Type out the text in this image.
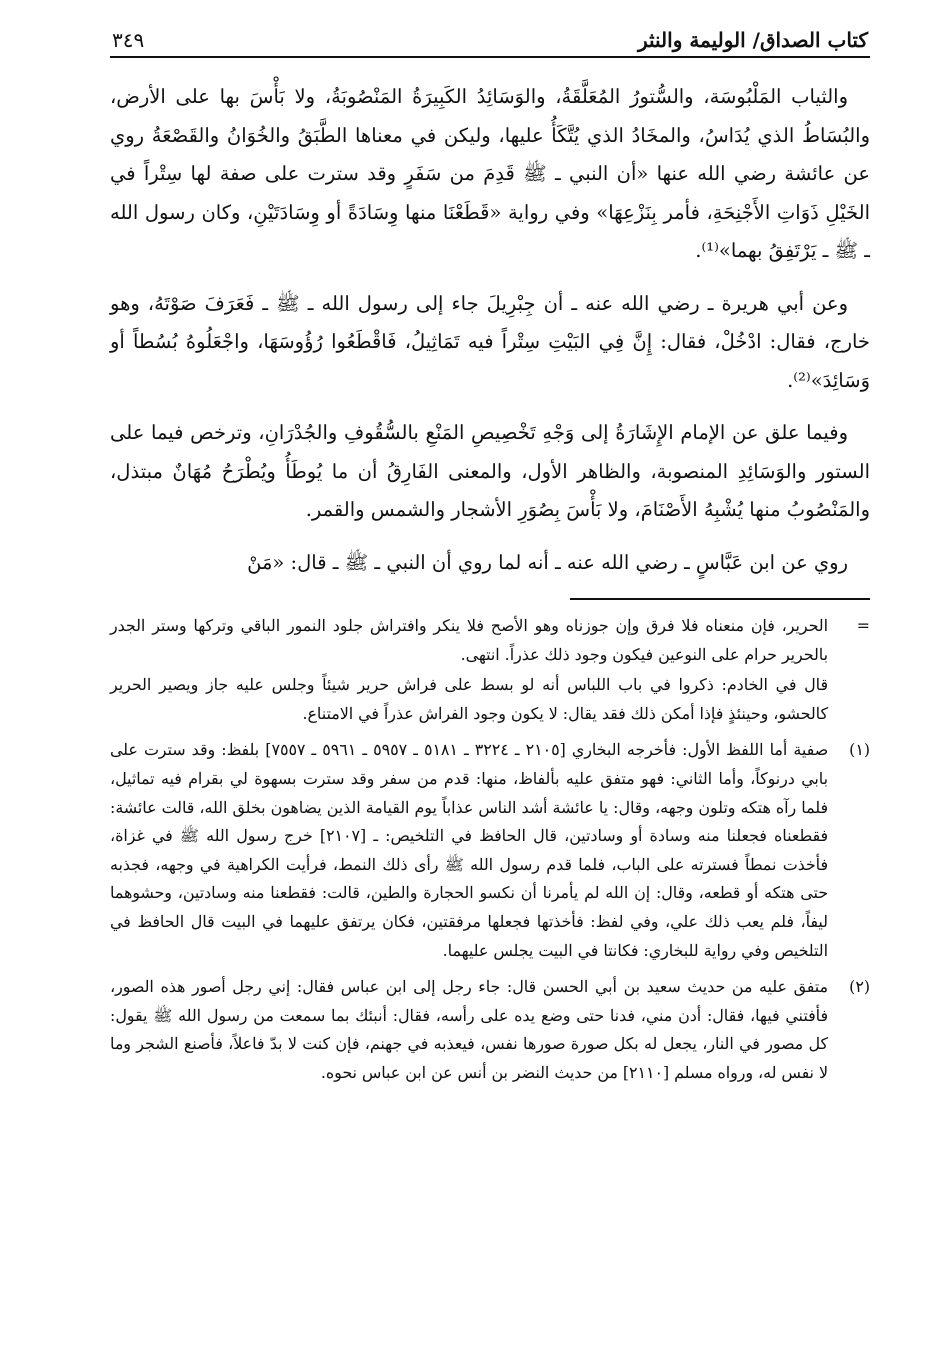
كتاب الصداق/ الوليمة والنثر
٣٤٩

والثياب المَلْبُوسَة، والسُّتورُ المُعَلَّقَةُ، والوَسَائِدُ الكَبِيرَةُ المَنْصُوبَةُ، ولا بَأْسَ بها على الأرض، والبُسَاطُ الذي يُدَاسُ، والمخَادُ الذي يُتَّكَأُ عليها، وليكن في معناها الطَّبَقُ والخُوَانُ والقَصْعَةُ روي عن عائشة رضي الله عنها «أن النبي ـ ﷺ قَدِمَ من سَفَرٍ وقد سترت على صفة لها سِتْراً في الخَيْلِ ذَوَاتِ الأَجْنِحَةِ، فأمر بِنَزْعِهَا» وفي رواية «قَطَعْنَا منها وِسَادَةً أو وِسَادَتَيْنِ، وكان رسول الله ـ ﷺ ـ يَرْتَفِقُ بهما»⁽¹⁾.

وعن أبي هريرة ـ رضي الله عنه ـ أن جِبْرِيلَ جاء إلى رسول الله ـ ﷺ ـ فَعَرَفَ صَوْتَهُ، وهو خارج، فقال: ادْخُلْ، فقال: إِنَّ فِي البَيْتِ سِتْراً فيه تَمَاثِيلُ، فَاقْطَعُوا رُؤُوسَهَا، واجْعَلُوهُ بُسُطاً أو وَسَائِدَ»⁽²⁾.

وفيما علق عن الإمام الإِشَارَةُ إلى وَجْهِ تَخْصِيصِ المَنْعِ بالسُّقُوفِ والجُدْرَانِ، وترخص فيما على الستور والوَسَائِدِ المنصوبة، والظاهر الأول، والمعنى الفَارِقُ أن ما يُوطَأُ ويُطْرَحُ مُهَانٌ مبتذل، والمَنْصُوبُ منها يُشْبِهُ الأَصْنَامَ، ولا بَأْسَ بِصُوَرِ الأشجار والشمس والقمر.

روي عن ابن عَبَّاسٍ ـ رضي الله عنه ـ أنه لما روي أن النبي ـ ﷺ ـ قال: «مَنْ

=

الحرير، فإن منعناه فلا فرق وإن جوزناه وهو الأصح فلا ينكر وافتراش جلود النمور الباقي وتركها وستر الجدر بالحرير حرام على النوعين فيكون وجود ذلك عذراً. انتهى.

قال في الخادم: ذكروا في باب اللباس أنه لو بسط على فراش حرير شيئاً وجلس عليه جاز ويصير الحرير كالحشو، وحينئذٍ فإذا أمكن ذلك فقد يقال: لا يكون وجود الفراش عذراً في الامتناع.

(١)

صفية أما اللفظ الأول: فأخرجه البخاري [٢١٠٥ ـ ٣٢٢٤ ـ ٥١٨١ ـ ٥٩٥٧ ـ ٥٩٦١ ـ ٧٥٥٧] بلفظ: وقد سترت على بابي درنوكاً، وأما الثاني: فهو متفق عليه بألفاظ، منها: قدم من سفر وقد سترت بسهوة لي بقرام فيه تماثيل، فلما رآه هتكه وتلون وجهه، وقال: يا عائشة أشد الناس عذاباً يوم القيامة الذين يضاهون بخلق الله، قالت عائشة: فقطعناه فجعلنا منه وسادة أو وسادتين، قال الحافظ في التلخيص: ـ [٢١٠٧] خرج رسول الله ﷺ في غزاة، فأخذت نمطاً فسترته على الباب، فلما قدم رسول الله ﷺ رأى ذلك النمط، فرأيت الكراهية في وجهه، فجذبه حتى هتكه أو قطعه، وقال: إن الله لم يأمرنا أن نكسو الحجارة والطين، قالت: فقطعنا منه وسادتين، وحشوهما ليفاً، فلم يعب ذلك علي، وفي لفظ: فأخذتها فجعلها مرفقتين، فكان يرتفق عليهما في البيت قال الحافظ في التلخيص وفي رواية للبخاري: فكانتا في البيت يجلس عليهما.

(٢)

متفق عليه من حديث سعيد بن أبي الحسن قال: جاء رجل إلى ابن عباس فقال: إني رجل أصور هذه الصور، فأفتني فيها، فقال: أدن مني، فدنا حتى وضع يده على رأسه، فقال: أنبئك بما سمعت من رسول الله ﷺ يقول: كل مصور في النار، يجعل له بكل صورة صورها نفس، فيعذبه في جهنم، فإن كنت لا بدّ فاعلاً، فأصنع الشجر وما لا نفس له، ورواه مسلم [٢١١٠] من حديث النضر بن أنس عن ابن عباس نحوه.
